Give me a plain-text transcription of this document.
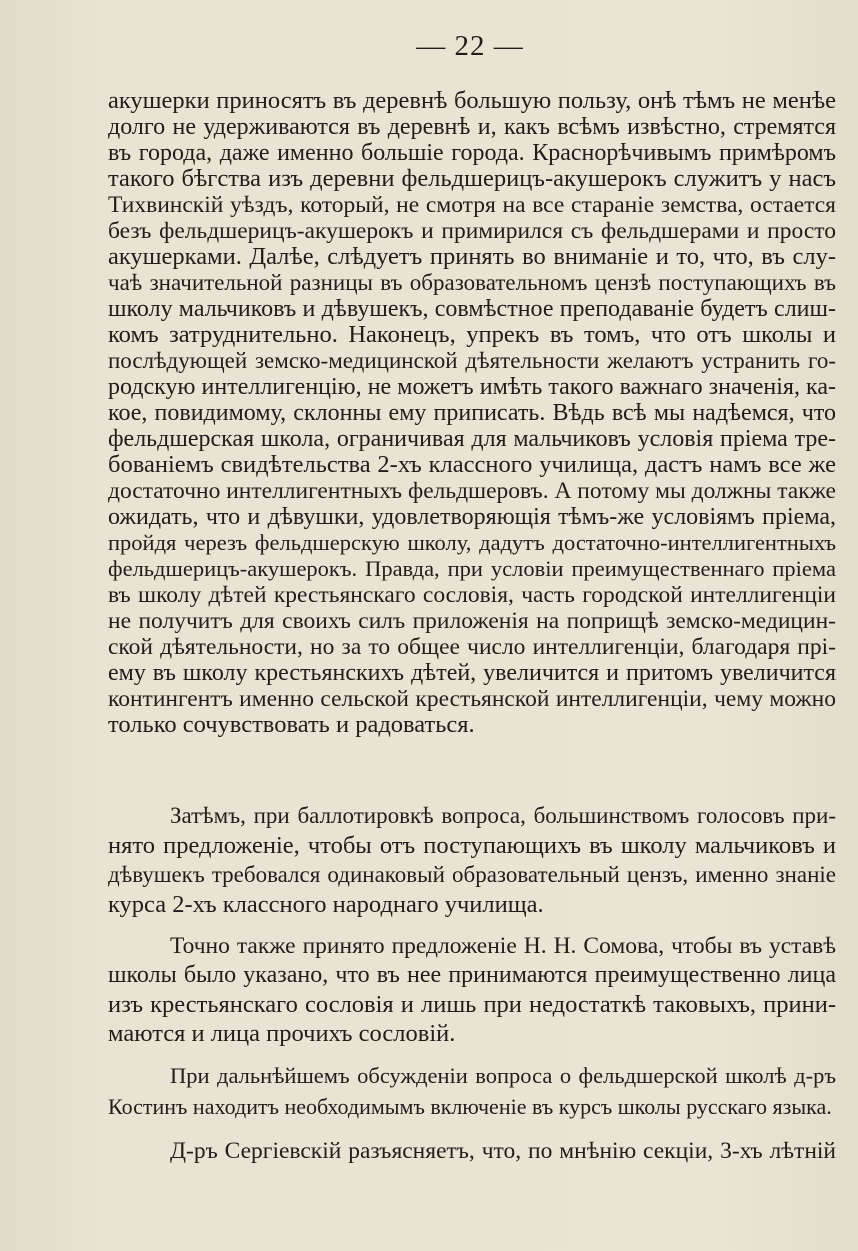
— 22 —
акушерки приносятъ въ деревнѣ большую пользу, онѣ тѣмъ не менѣе
долго не удерживаются въ деревнѣ и, какъ всѣмъ извѣстно, стремятся
въ города, даже именно большіе города. Краснорѣчивымъ примѣромъ
такого бѣгства изъ деревни фельдшерицъ-акушерокъ служитъ у насъ
Тихвинскій уѣздъ, который, не смотря на все стараніе земства, остается
безъ фельдшерицъ-акушерокъ и примирился съ фельдшерами и просто
акушерками. Далѣе, слѣдуетъ принять во вниманіе и то, что, въ слу-
чаѣ значительной разницы въ образовательномъ цензѣ поступающихъ въ
школу мальчиковъ и дѣвушекъ, совмѣстное преподаваніе будетъ слиш-
комъ затруднительно. Наконецъ, упрекъ въ томъ, что отъ школы и
послѣдующей земско-медицинской дѣятельности желаютъ устранить го-
родскую интеллигенцію, не можетъ имѣть такого важнаго значенія, ка-
кое, повидимому, склонны ему приписать. Вѣдь всѣ мы надѣемся, что
фельдшерская школа, ограничивая для мальчиковъ условія пріема тре-
бованіемъ свидѣтельства 2-хъ классного училища, дастъ намъ все же
достаточно интеллигентныхъ фельдшеровъ. А потому мы должны также
ожидать, что и дѣвушки, удовлетворяющія тѣмъ-же условіямъ пріема,
пройдя черезъ фельдшерскую школу, дадутъ достаточно-интеллигентныхъ
фельдшерицъ-акушерокъ. Правда, при условіи преимущественнаго пріема
въ школу дѣтей крестьянскаго сословія, часть городской интеллигенціи
не получитъ для своихъ силъ приложенія на поприщѣ земско-медицин-
ской дѣятельности, но за то общее число интеллигенціи, благодаря прі-
ему въ школу крестьянскихъ дѣтей, увеличится и притомъ увеличится
контингентъ именно сельской крестьянской интеллигенціи, чему можно
только сочувствовать и радоваться.
Затѣмъ, при баллотировкѣ вопроса, большинствомъ голосовъ при-
нято предложеніе, чтобы отъ поступающихъ въ школу мальчиковъ и
дѣвушекъ требовался одинаковый образовательный цензъ, именно знаніе
курса 2-хъ классного народнаго училища.
Точно также принято предложеніе Н. Н. Сомова, чтобы въ уставѣ
школы было указано, что въ нее принимаются преимущественно лица
изъ крестьянскаго сословія и лишь при недостаткѣ таковыхъ, прини-
маются и лица прочихъ сословій.
При дальнѣйшемъ обсужденіи вопроса о фельдшерской школѣ д-ръ
Костинъ находитъ необходимымъ включеніе въ курсъ школы русскаго языка.
Д-ръ Сергіевскій разъясняетъ, что, по мнѣнію секціи, 3-хъ лѣтній
